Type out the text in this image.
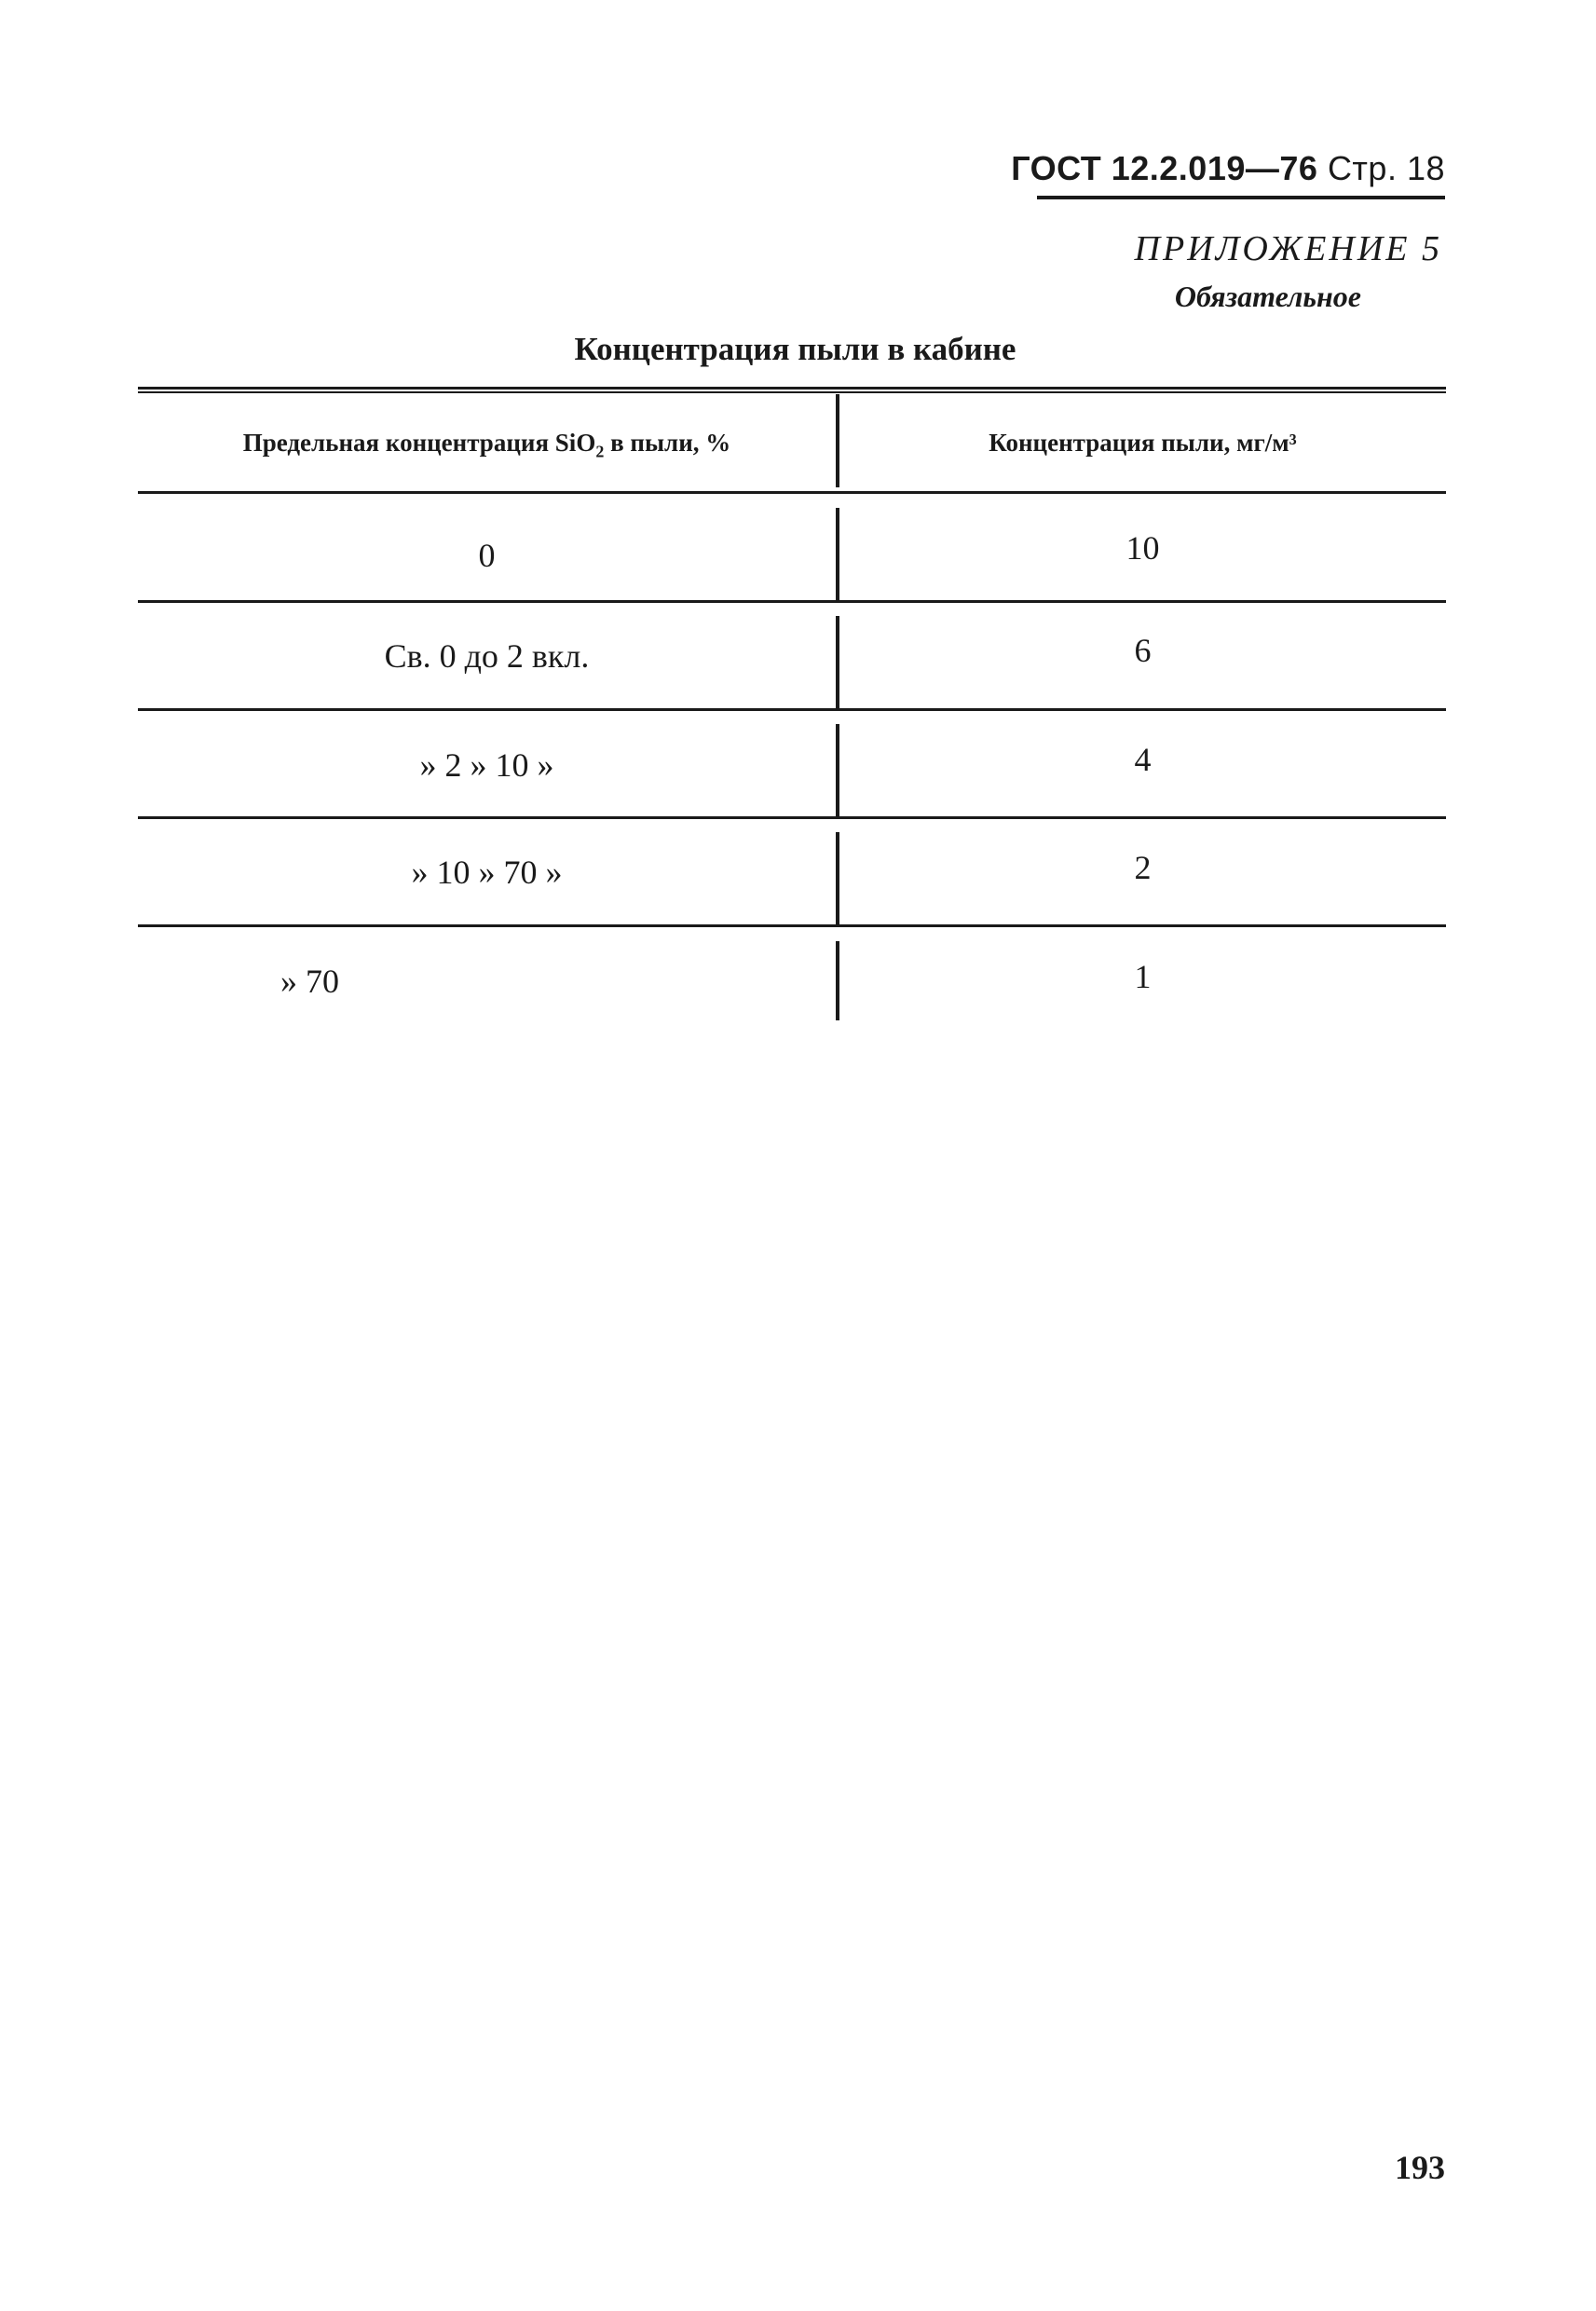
ГОСТ 12.2.019—76 Стр. 18
ПРИЛОЖЕНИЕ 5
Обязательное
Концентрация пыли в кабине
Предельная концентрация SiO$_2$ в пыли, %	Концентрация пыли, мг/м³
0	10
Св. 0 до 2 вкл.	6
» 2 » 10 »	4
» 10 » 70 »	2
» 70	1
193
